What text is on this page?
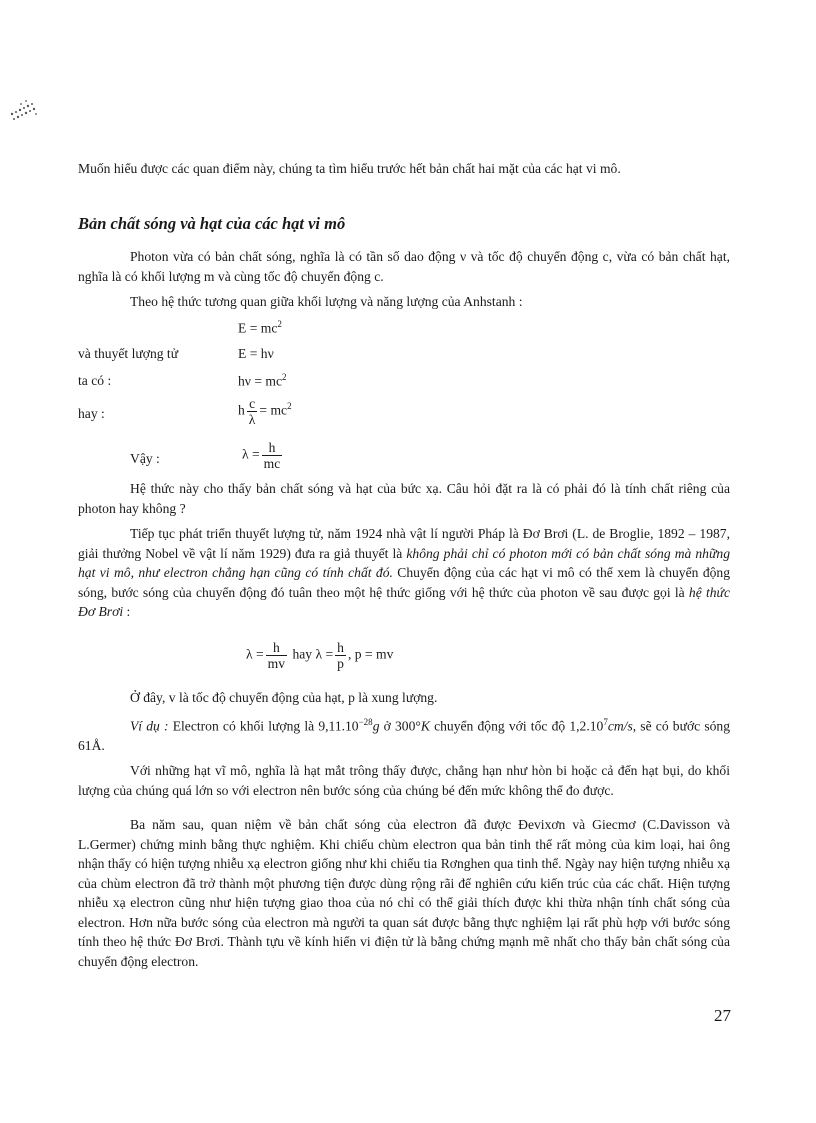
Muốn hiểu được các quan điểm này, chúng ta tìm hiểu trước hết bản chất hai mặt của các hạt vi mô.

Bản chất sóng và hạt của các hạt vi mô

Photon vừa có bản chất sóng, nghĩa là có tần số dao động ν và tốc độ chuyển động c, vừa có bản chất hạt, nghĩa là có khối lượng m và cùng tốc độ chuyển động c.

Theo hệ thức tương quan giữa khối lượng và năng lượng của Anhstanh :

$E = mc^2$
và thuyết lượng tử	E = hν
ta có :	$h\nu = mc^2$
hay :	h $\frac{c}{\lambda} = mc^2$
Vậy :	$\lambda = \frac{h}{mc}$

Hệ thức này cho thấy bản chất sóng và hạt của bức xạ. Câu hỏi đặt ra là có phải đó là tính chất riêng của photon hay không ?

Tiếp tục phát triển thuyết lượng tử, năm 1924 nhà vật lí người Pháp là Đơ Brơi (L. de Broglie, 1892 – 1987, giải thưởng Nobel về vật lí năm 1929) đưa ra giả thuyết là không phải chỉ có photon mới có bản chất sóng mà những hạt vi mô, như electron chẳng hạn cũng có tính chất đó. Chuyển động của các hạt vi mô có thể xem là chuyển động sóng, bước sóng của chuyển động đó tuân theo một hệ thức giống với hệ thức của photon về sau được gọi là hệ thức Đơ Brơi :

$\lambda = \frac{h}{mv}$ hay $\lambda = \frac{h}{p}$ , p = mv

Ở đây, v là tốc độ chuyển động của hạt, p là xung lượng.

Ví dụ : Electron có khối lượng là $9,11.10^{-28}g$ ở 300°K chuyển động với tốc độ 1,2.10$^7$cm/s, sẽ có bước sóng 61Å.

Với những hạt vĩ mô, nghĩa là hạt mắt trông thấy được, chẳng hạn như hòn bi hoặc cả đến hạt bụi, do khối lượng của chúng quá lớn so với electron nên bước sóng của chúng bé đến mức không thể đo được.

Ba năm sau, quan niệm về bản chất sóng của electron đã được Đevixơn và Giecmơ (C.Davisson và L.Germer) chứng minh bằng thực nghiệm. Khi chiếu chùm electron qua bản tinh thể rất mỏng của kim loại, hai ông nhận thấy có hiện tượng nhiễu xạ electron giống như khi chiếu tia Rơnghen qua tinh thể. Ngày nay hiện tượng nhiễu xạ của chùm electron đã trở thành một phương tiện được dùng rộng rãi để nghiên cứu kiến trúc của các chất. Hiện tượng nhiễu xạ electron cũng như hiện tượng giao thoa của nó chỉ có thể giải thích được khi thừa nhận tính chất sóng của electron. Hơn nữa bước sóng của electron mà người ta quan sát được bằng thực nghiệm lại rất phù hợp với bước sóng tính theo hệ thức Đơ Brơi. Thành tựu về kính hiển vi điện tử là bằng chứng mạnh mẽ nhất cho thấy bản chất sóng của chuyển động electron.

27
